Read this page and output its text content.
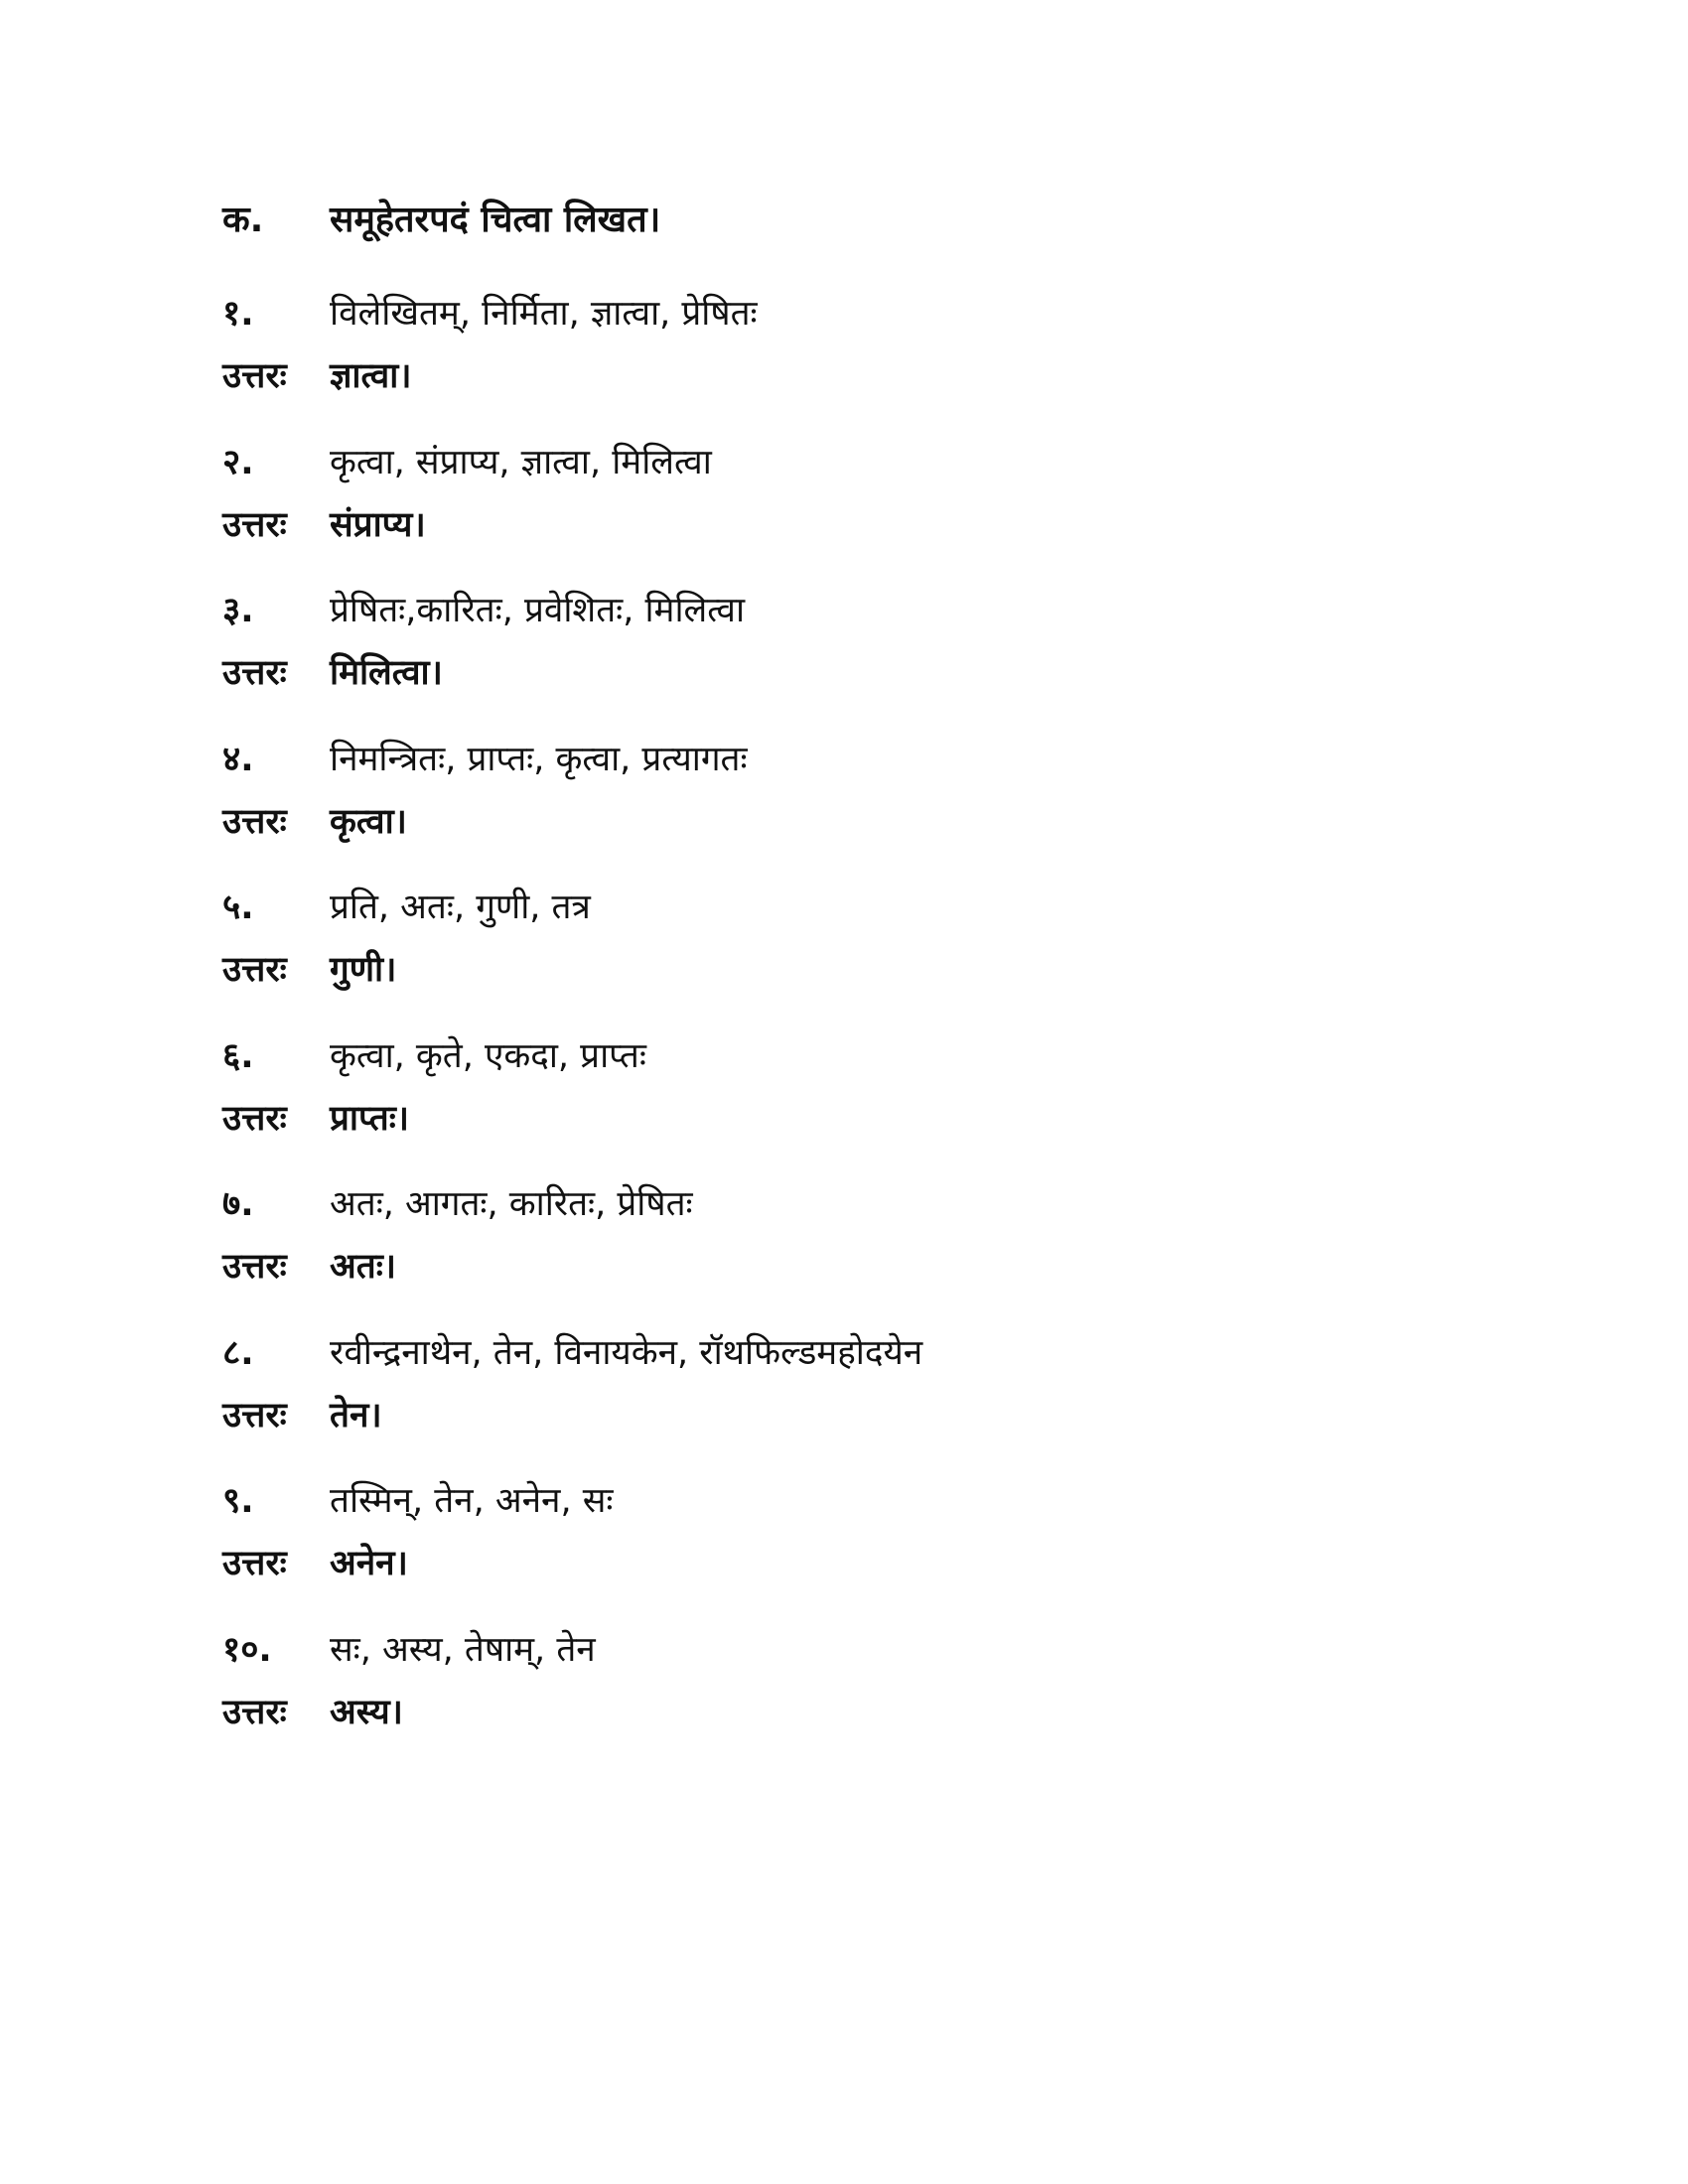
क.	समूहेतरपदं चित्वा लिखत।
१.	विलेखितम्, निर्मिता, ज्ञात्वा, प्रेषितः
उत्तरः	ज्ञात्वा।
२.	कृत्वा, संप्राप्य, ज्ञात्वा, मिलित्वा
उत्तरः	संप्राप्य।
३.	प्रेषितः,कारितः, प्रवेशितः, मिलित्वा
उत्तरः	मिलित्वा।
४.	निमन्त्रितः, प्राप्तः, कृत्वा, प्रत्यागतः
उत्तरः	कृत्वा।
५.	प्रति, अतः, गुणी, तत्र
उत्तरः	गुणी।
६.	कृत्वा, कृते, एकदा, प्राप्तः
उत्तरः	प्राप्तः।
७.	अतः, आगतः, कारितः, प्रेषितः
उत्तरः	अतः।
८.	रवीन्द्रनाथेन, तेन, विनायकेन, रॉथफिल्डमहोदयेन
उत्तरः	तेन।
९.	तस्मिन्, तेन, अनेन, सः
उत्तरः	अनेन।
१०.	सः, अस्य, तेषाम्, तेन
उत्तरः	अस्य।
